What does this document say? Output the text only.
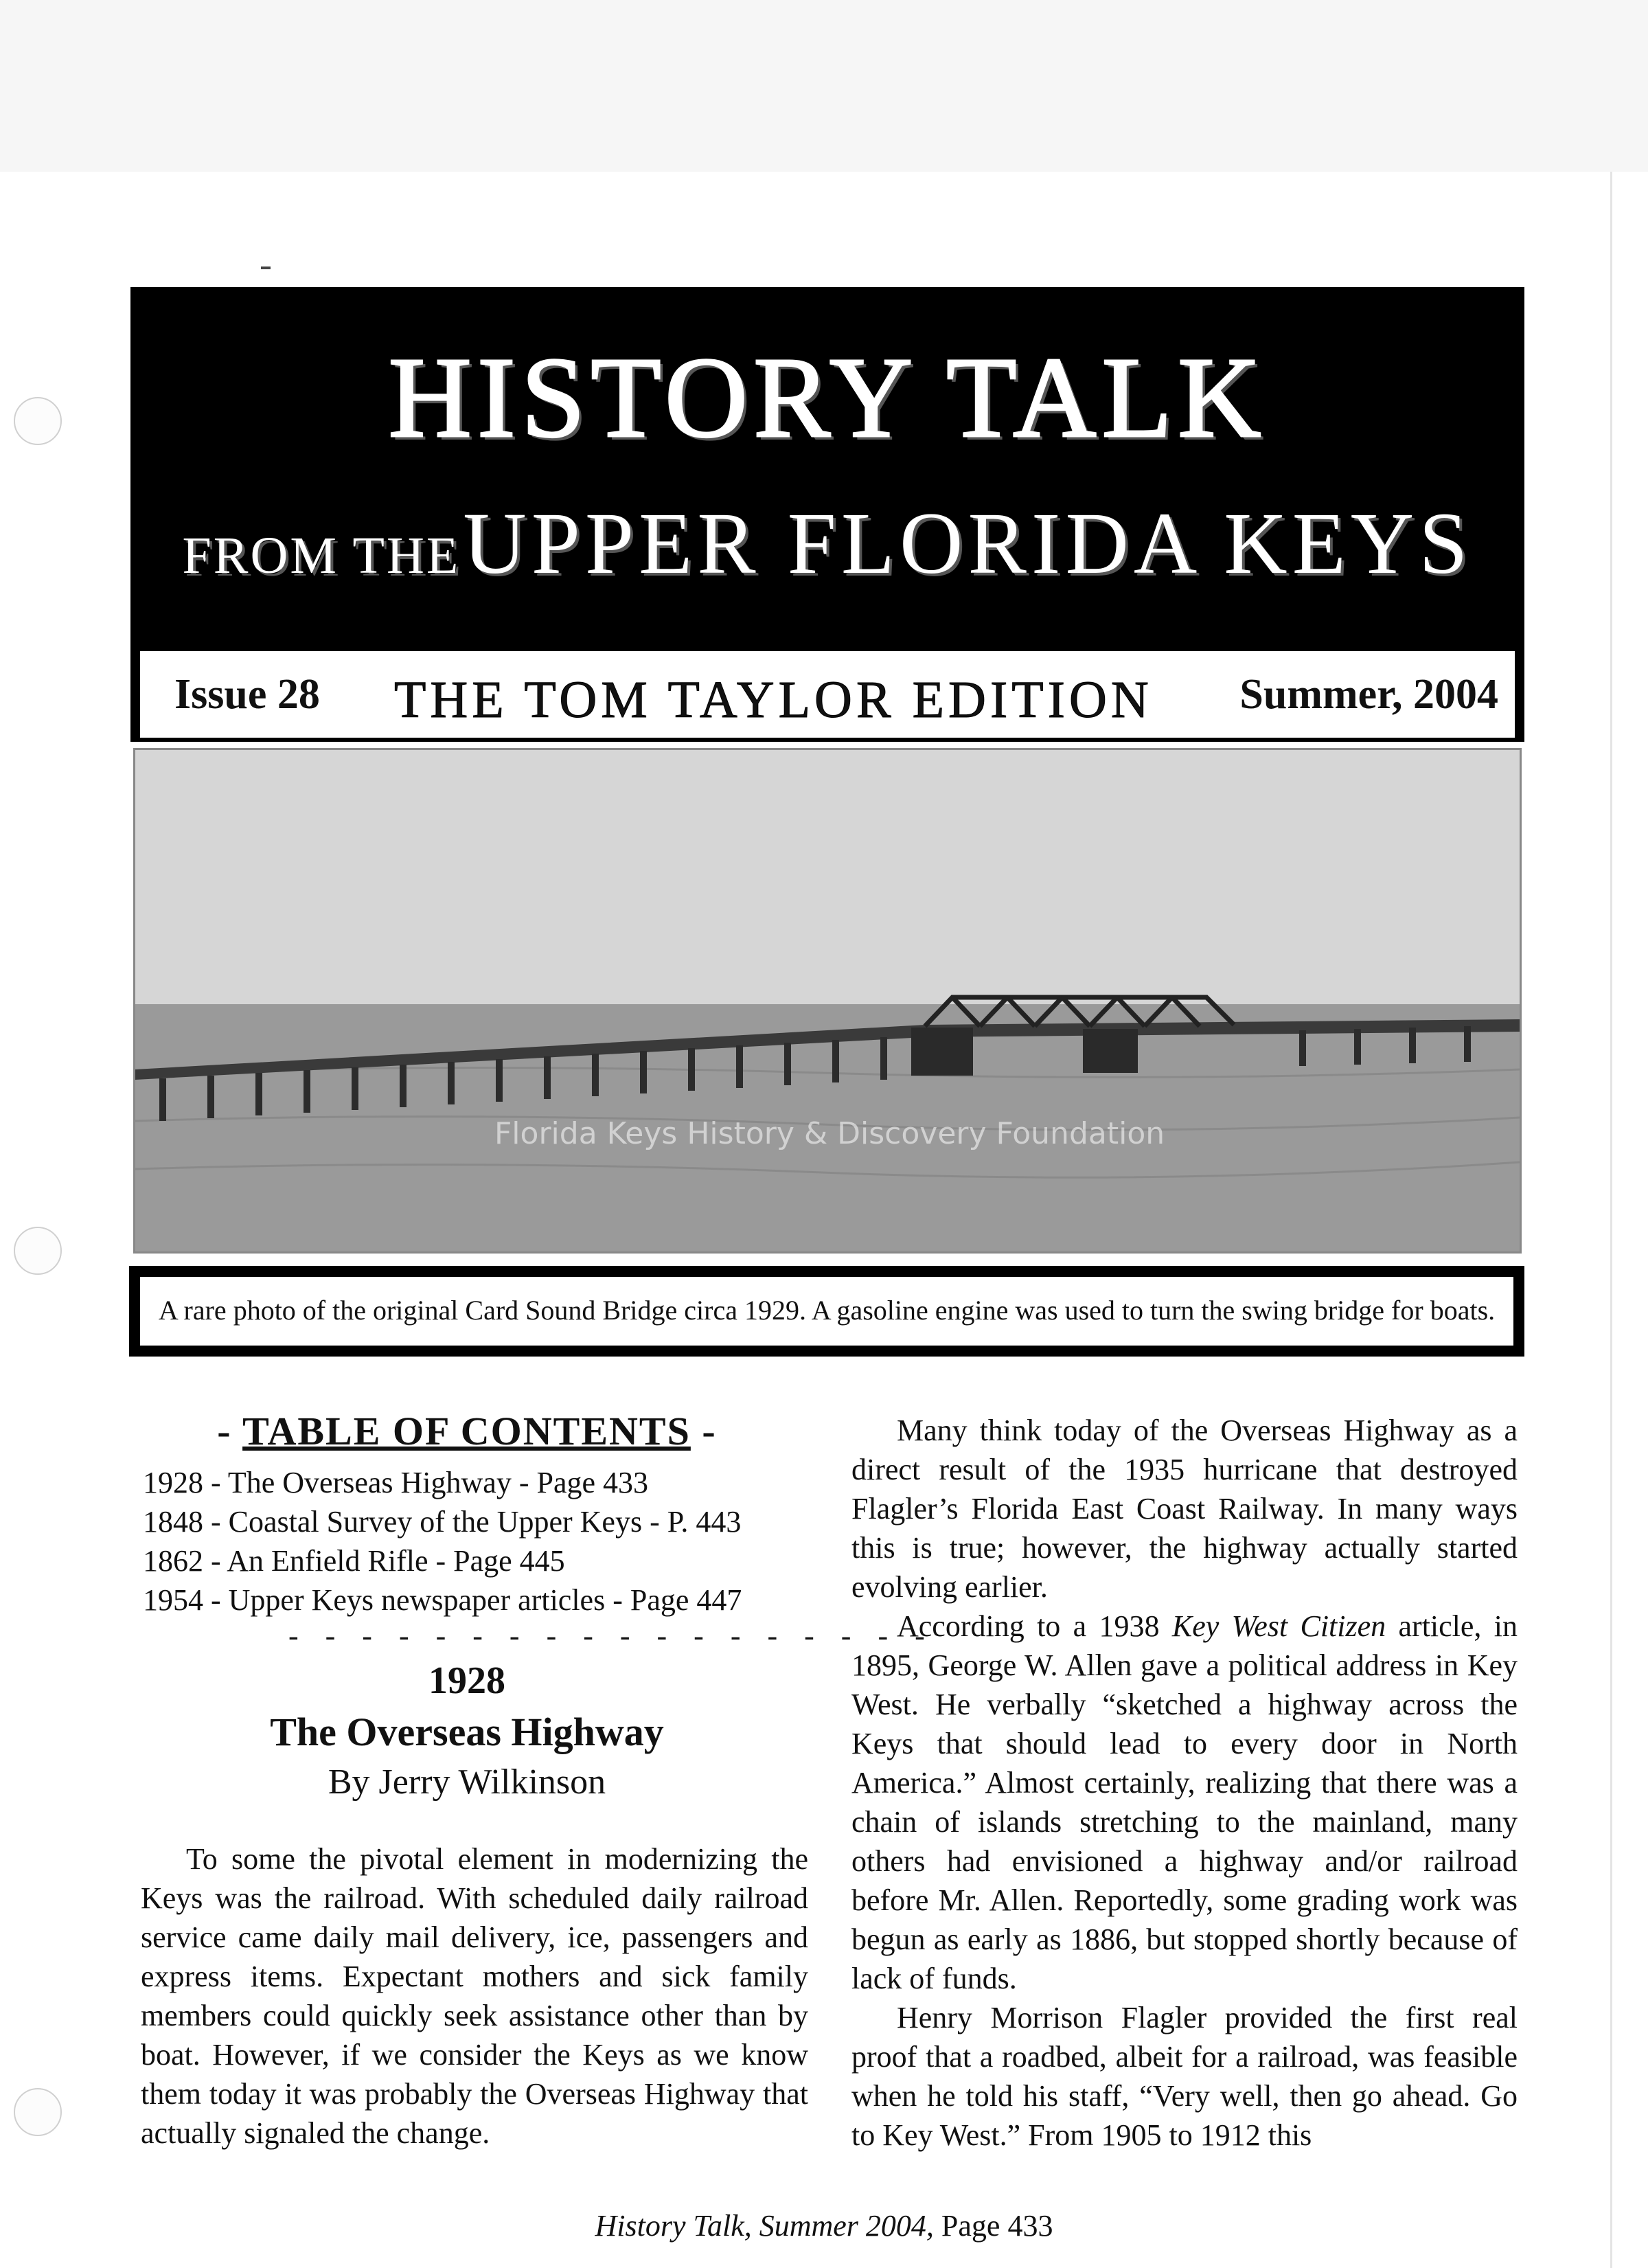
HISTORY TALK
FROM THE UPPER FLORIDA KEYS
Issue 28 THE TOM TAYLOR EDITION Summer, 2004
Florida Keys History & Discovery Foundation
A rare photo of the original Card Sound Bridge circa 1929. A gasoline engine was used to turn the swing bridge for boats.
- TABLE OF CONTENTS -
1928 - The Overseas Highway - Page 433
1848 - Coastal Survey of the Upper Keys - P. 443
1862 - An Enfield Rifle - Page 445
1954 - Upper Keys newspaper articles - Page 447
- - - - - - - - - - - - - - - - - -
1928
The Overseas Highway
By Jerry Wilkinson

To some the pivotal element in modernizing the Keys was the railroad. With scheduled daily railroad service came daily mail delivery, ice, passengers and express items. Expectant mothers and sick family members could quickly seek assistance other than by boat. However, if we consider the Keys as we know them today it was probably the Overseas Highway that actually signaled the change.

Many think today of the Overseas Highway as a direct result of the 1935 hurricane that destroyed Flagler’s Florida East Coast Railway. In many ways this is true; however, the highway actually started evolving earlier.

According to a 1938 Key West Citizen article, in 1895, George W. Allen gave a political address in Key West. He verbally “sketched a highway across the Keys that should lead to every door in North America.” Almost certainly, realizing that there was a chain of islands stretching to the mainland, many others had envisioned a highway and/or railroad before Mr. Allen. Reportedly, some grading work was begun as early as 1886, but stopped shortly because of lack of funds.

Henry Morrison Flagler provided the first real proof that a roadbed, albeit for a railroad, was feasible when he told his staff, “Very well, then go ahead. Go to Key West.” From 1905 to 1912 this

History Talk, Summer 2004, Page 433
